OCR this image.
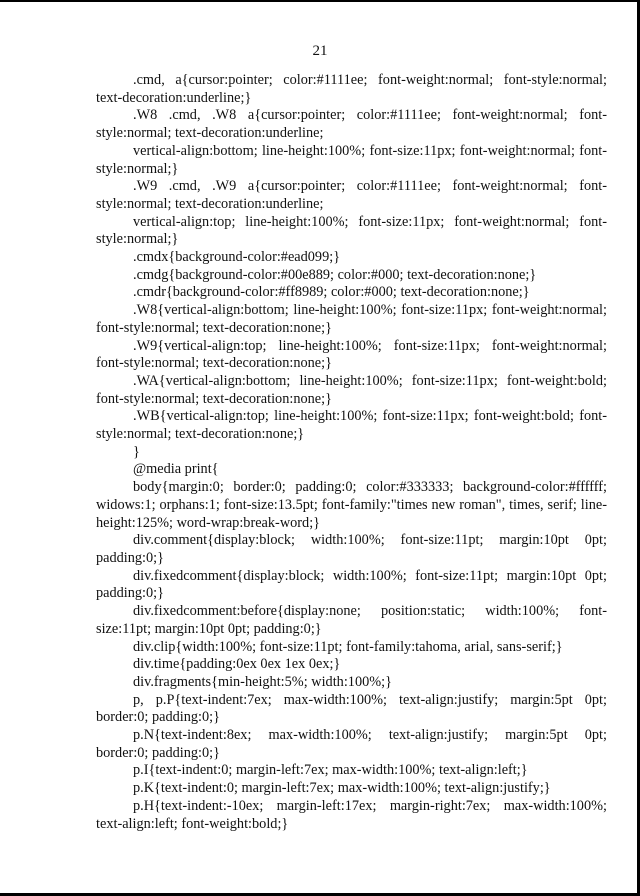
21

.cmd, a{cursor:pointer; color:#1111ee; font-weight:normal; font-style:normal; text-decoration:underline;}

.W8 .cmd, .W8 a{cursor:pointer; color:#1111ee; font-weight:normal; font-style:normal; text-decoration:underline;

vertical-align:bottom; line-height:100%; font-size:11px; font-weight:normal; font-style:normal;}

.W9 .cmd, .W9 a{cursor:pointer; color:#1111ee; font-weight:normal; font-style:normal; text-decoration:underline;

vertical-align:top; line-height:100%; font-size:11px; font-weight:normal; font-style:normal;}

.cmdx{background-color:#ead099;}

.cmdg{background-color:#00e889; color:#000; text-decoration:none;}

.cmdr{background-color:#ff8989; color:#000; text-decoration:none;}

.W8{vertical-align:bottom; line-height:100%; font-size:11px; font-weight:normal; font-style:normal; text-decoration:none;}

.W9{vertical-align:top; line-height:100%; font-size:11px; font-weight:normal; font-style:normal; text-decoration:none;}

.WA{vertical-align:bottom; line-height:100%; font-size:11px; font-weight:bold; font-style:normal; text-decoration:none;}

.WB{vertical-align:top; line-height:100%; font-size:11px; font-weight:bold; font-style:normal; text-decoration:none;}

}

@media print{

body{margin:0; border:0; padding:0; color:#333333; background-color:#ffffff; widows:1; orphans:1; font-size:13.5pt; font-family:"times new roman", times, serif; line-height:125%; word-wrap:break-word;}

div.comment{display:block; width:100%; font-size:11pt; margin:10pt 0pt; padding:0;}

div.fixedcomment{display:block; width:100%; font-size:11pt; margin:10pt 0pt; padding:0;}

div.fixedcomment:before{display:none; position:static; width:100%; font-size:11pt; margin:10pt 0pt; padding:0;}

div.clip{width:100%; font-size:11pt; font-family:tahoma, arial, sans-serif;}

div.time{padding:0ex 0ex 1ex 0ex;}

div.fragments{min-height:5%; width:100%;}

p, p.P{text-indent:7ex; max-width:100%; text-align:justify; margin:5pt 0pt; border:0; padding:0;}

p.N{text-indent:8ex; max-width:100%; text-align:justify; margin:5pt 0pt; border:0; padding:0;}

p.I{text-indent:0; margin-left:7ex; max-width:100%; text-align:left;}

p.K{text-indent:0; margin-left:7ex; max-width:100%; text-align:justify;}

p.H{text-indent:-10ex; margin-left:17ex; margin-right:7ex; max-width:100%; text-align:left; font-weight:bold;}
